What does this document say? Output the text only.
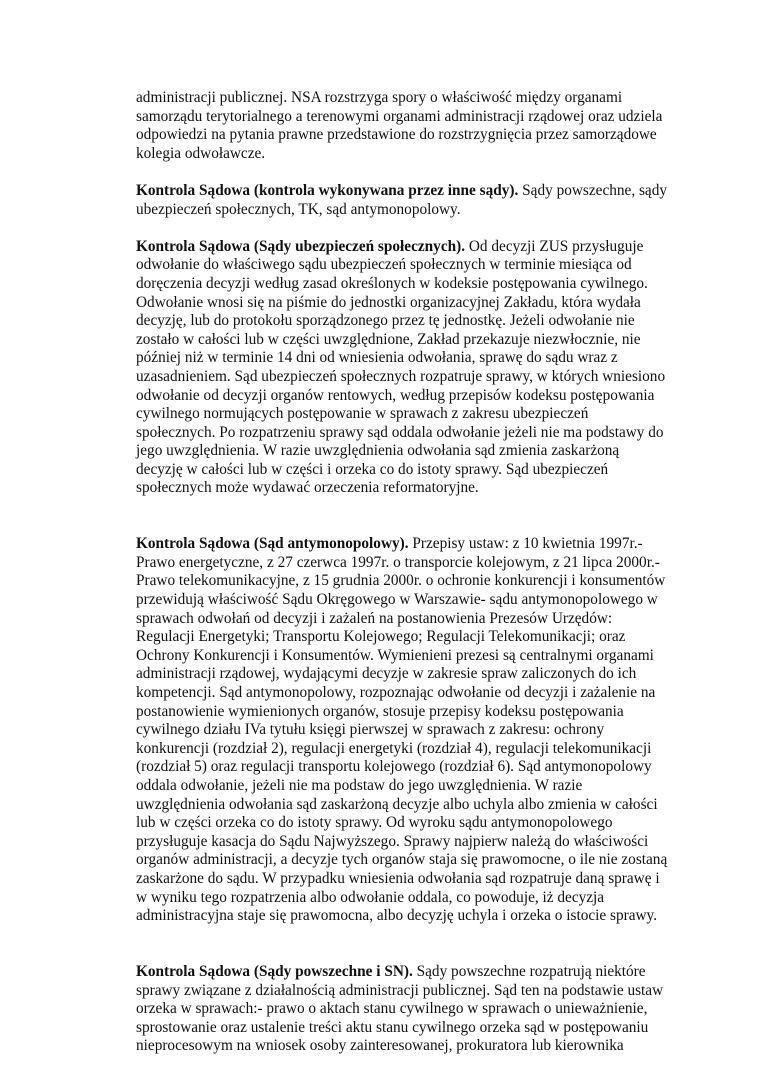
administracji publicznej. NSA rozstrzyga spory o właściwość między organami
samorządu terytorialnego a terenowymi organami administracji rządowej oraz udziela
odpowiedzi na pytania prawne przedstawione do rozstrzygnięcia przez samorządowe
kolegia odwoławcze.
Kontrola Sądowa (kontrola wykonywana przez inne sądy). Sądy powszechne, sądy
ubezpieczeń społecznych, TK, sąd antymonopolowy.
Kontrola Sądowa (Sądy ubezpieczeń społecznych). Od decyzji ZUS przysługuje
odwołanie do właściwego sądu ubezpieczeń społecznych w terminie miesiąca od
doręczenia decyzji według zasad określonych w kodeksie postępowania cywilnego.
Odwołanie wnosi się na piśmie do jednostki organizacyjnej Zakładu, która wydała
decyzję, lub do protokołu sporządzonego przez tę jednostkę. Jeżeli odwołanie nie
zostało w całości lub w części uwzględnione, Zakład przekazuje niezwłocznie, nie
później niż w terminie 14 dni od wniesienia odwołania, sprawę do sądu wraz z
uzasadnieniem. Sąd ubezpieczeń społecznych rozpatruje sprawy, w których wniesiono
odwołanie od decyzji organów rentowych, według przepisów kodeksu postępowania
cywilnego normujących postępowanie w sprawach z zakresu ubezpieczeń
społecznych. Po rozpatrzeniu sprawy sąd oddala odwołanie jeżeli nie ma podstawy do
jego uwzględnienia. W razie uwzględnienia odwołania sąd zmienia zaskarżoną
decyzję w całości lub w części i orzeka co do istoty sprawy. Sąd ubezpieczeń
społecznych może wydawać orzeczenia reformatoryjne.
Kontrola Sądowa (Sąd antymonopolowy). Przepisy ustaw: z 10 kwietnia 1997r.-
Prawo energetyczne, z 27 czerwca 1997r. o transporcie kolejowym, z 21 lipca 2000r.-
Prawo telekomunikacyjne, z 15 grudnia 2000r. o ochronie konkurencji i konsumentów
przewidują właściwość Sądu Okręgowego w Warszawie- sądu antymonopolowego w
sprawach odwołań od decyzji i zażaleń na postanowienia Prezesów Urzędów:
Regulacji Energetyki; Transportu Kolejowego; Regulacji Telekomunikacji; oraz
Ochrony Konkurencji i Konsumentów. Wymienieni prezesi są centralnymi organami
administracji rządowej, wydającymi decyzje w zakresie spraw zaliczonych do ich
kompetencji. Sąd antymonopolowy, rozpoznając odwołanie od decyzji i zażalenie na
postanowienie wymienionych organów, stosuje przepisy kodeksu postępowania
cywilnego działu IVa tytułu księgi pierwszej w sprawach z zakresu: ochrony
konkurencji (rozdział 2), regulacji energetyki (rozdział 4), regulacji telekomunikacji
(rozdział 5) oraz regulacji transportu kolejowego (rozdział 6). Sąd antymonopolowy
oddala odwołanie, jeżeli nie ma podstaw do jego uwzględnienia. W razie
uwzględnienia odwołania sąd zaskarżoną decyzje albo uchyla albo zmienia w całości
lub w części orzeka co do istoty sprawy. Od wyroku sądu antymonopolowego
przysługuje kasacja do Sądu Najwyższego. Sprawy najpierw należą do właściwości
organów administracji, a decyzje tych organów staja się prawomocne, o ile nie zostaną
zaskarżone do sądu. W przypadku wniesienia odwołania sąd rozpatruje daną sprawę i
w wyniku tego rozpatrzenia albo odwołanie oddala, co powoduje, iż decyzja
administracyjna staje się prawomocna, albo decyzję uchyla i orzeka o istocie sprawy.
Kontrola Sądowa (Sądy powszechne i SN). Sądy powszechne rozpatrują niektóre
sprawy związane z działalnością administracji publicznej. Sąd ten na podstawie ustaw
orzeka w sprawach:- prawo o aktach stanu cywilnego w sprawach o unieważnienie,
sprostowanie oraz ustalenie treści aktu stanu cywilnego orzeka sąd w postępowaniu
nieprocesowym na wniosek osoby zainteresowanej, prokuratora lub kierownika
